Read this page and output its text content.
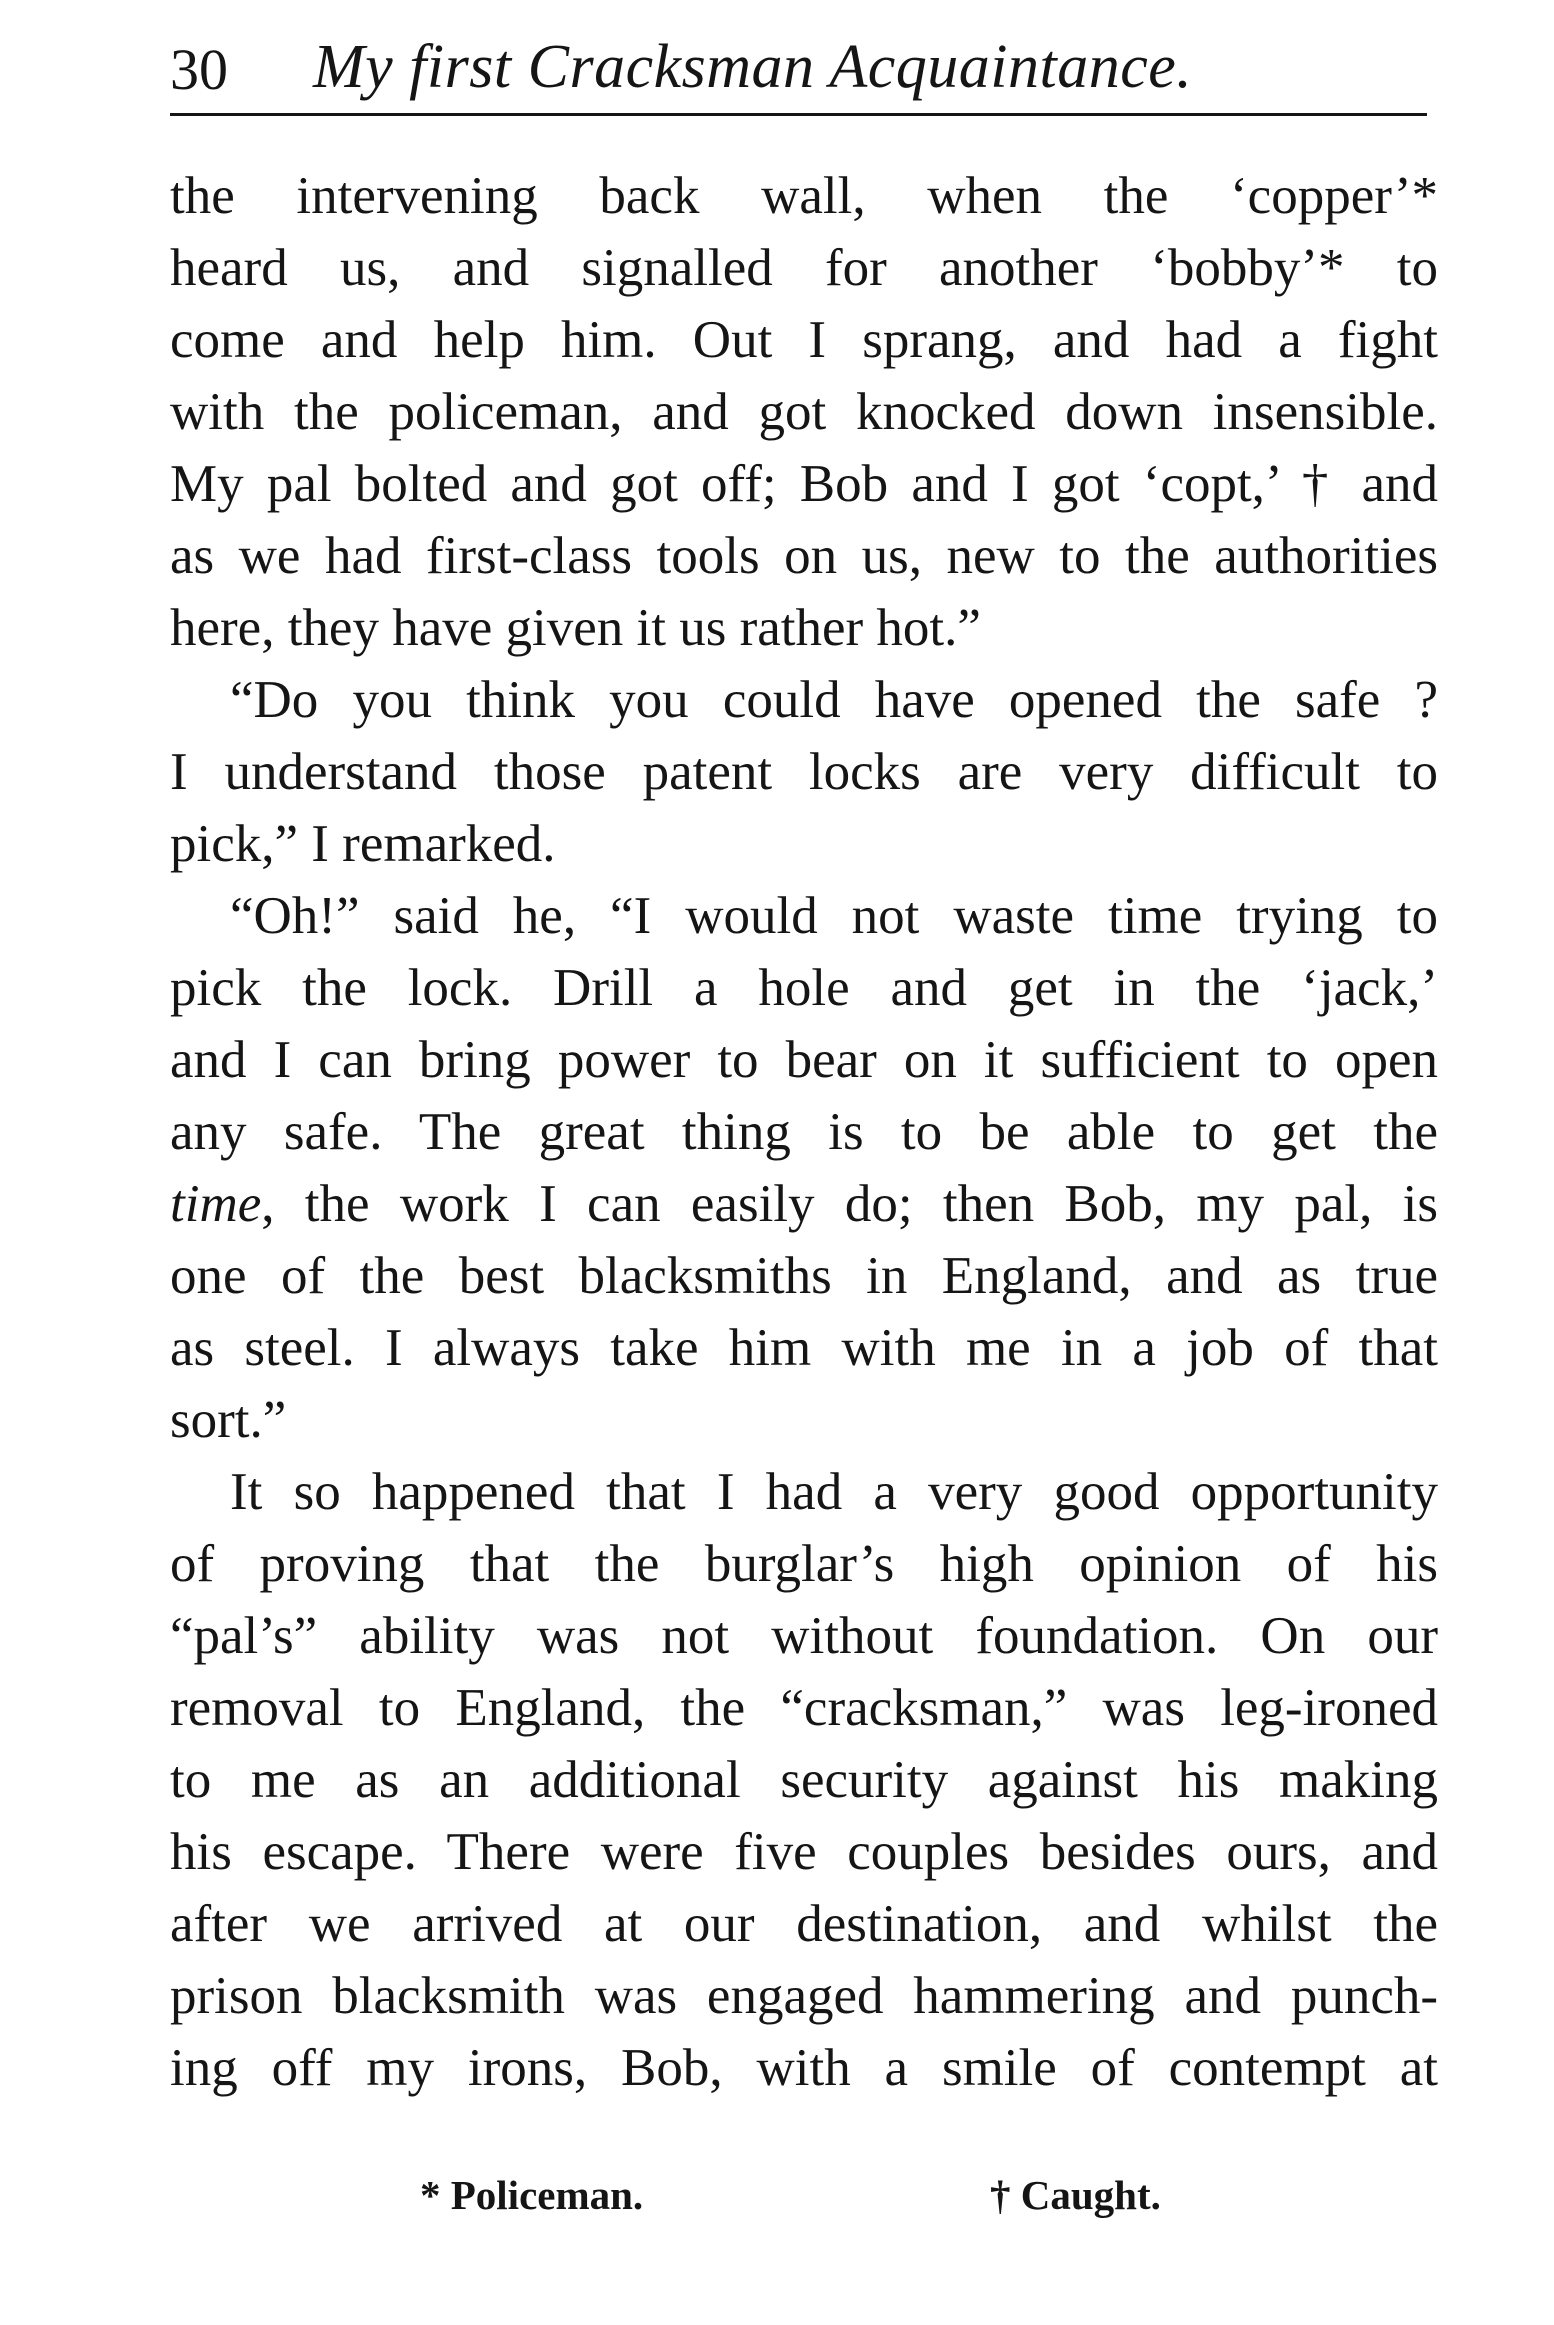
30 My first Cracksman Acquaintance.
the intervening back wall, when the ‘copper’*
heard us, and signalled for another ‘bobby’* to
come and help him. Out I sprang, and had a fight
with the policeman, and got knocked down insensible.
My pal bolted and got off; Bob and I got ‘copt,’ † and
as we had first-class tools on us, new to the authorities
here, they have given it us rather hot.”
“Do you think you could have opened the safe ?
I understand those patent locks are very difficult to
pick,” I remarked.
“Oh!” said he, “I would not waste time trying to
pick the lock. Drill a hole and get in the ‘jack,’
and I can bring power to bear on it sufficient to open
any safe. The great thing is to be able to get the
time, the work I can easily do; then Bob, my pal, is
one of the best blacksmiths in England, and as true
as steel. I always take him with me in a job of that
sort.”
It so happened that I had a very good opportunity
of proving that the burglar’s high opinion of his
“pal’s” ability was not without foundation. On our
removal to England, the “cracksman,” was leg-ironed
to me as an additional security against his making
his escape. There were five couples besides ours, and
after we arrived at our destination, and whilst the
prison blacksmith was engaged hammering and punch-
ing off my irons, Bob, with a smile of contempt at
* Policeman.	† Caught.
